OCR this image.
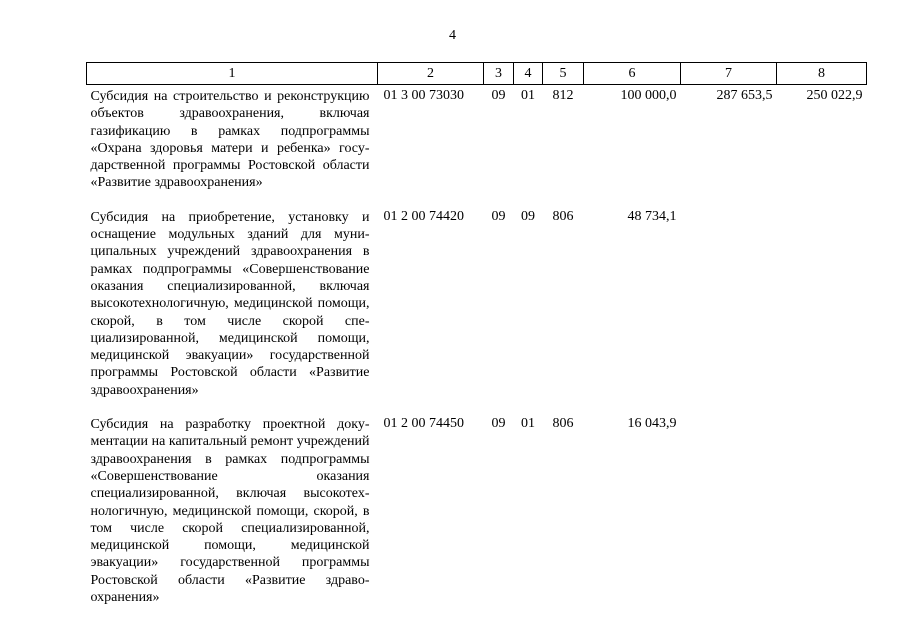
4
1	2	3	4	5	6	7	8
Субсидия на строительство и реконструкцию объектов здравоохранения, включая газификацию в рамках подпрограммы «Охрана здоровья матери и ребенка» государственной программы Ростовской области «Развитие здравоохранения»	01 3 00 73030	09	01	812	100 000,0	287 653,5	250 022,9
Субсидия на приобретение, установку и оснащение модульных зданий для муниципальных учреждений здравоохранения в рамках подпрограммы «Совершенствование оказания специализированной, включая высокотехнологичную, медицинской помощи, скорой, в том числе скорой специализированной, медицинской помощи, медицинской эвакуации» государственной программы Ростовской области «Развитие здравоохранения»	01 2 00 74420	09	09	806	48 734,1		
Субсидия на разработку проектной документации на капитальный ремонт учреждений здравоохранения в рамках подпрограммы «Совершенствование оказания специализированной, включая высокотехнологичную, медицинской помощи, скорой, в том числе скорой специализированной, медицинской помощи, медицинской эвакуации» государственной программы Ростовской области «Развитие здравоохранения»	01 2 00 74450	09	01	806	16 043,9		
